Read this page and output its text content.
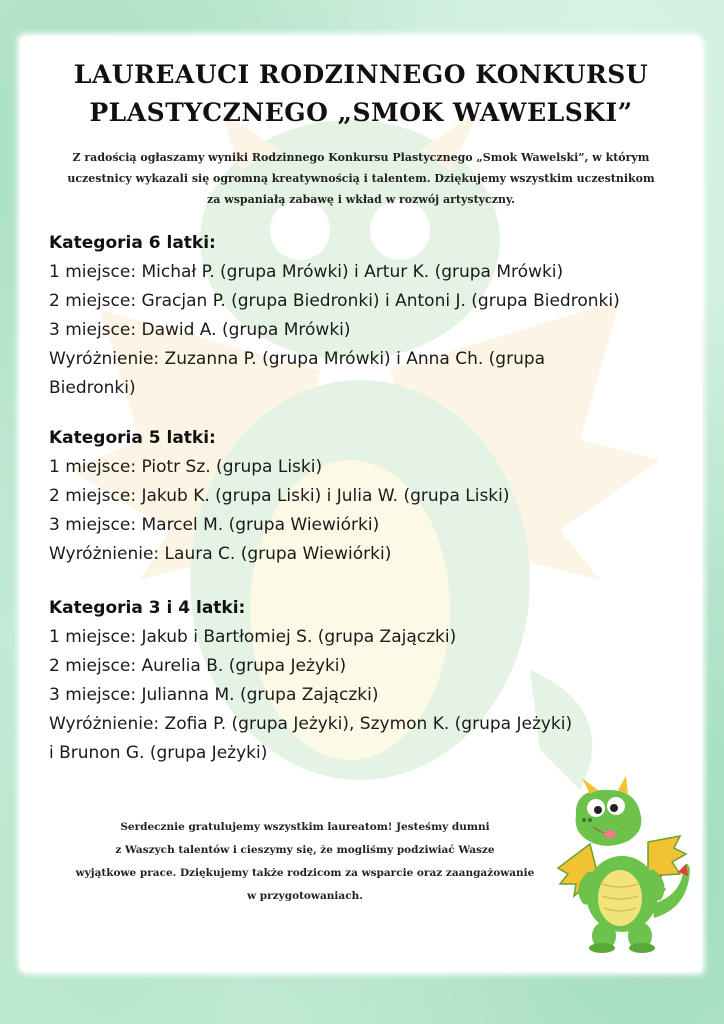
LAUREAUCI RODZINNEGO KONKURSU
PLASTYCZNEGO „SMOK WAWELSKI”

Z radością ogłaszamy wyniki Rodzinnego Konkursu Plastycznego „Smok Wawelski”, w którym
uczestnicy wykazali się ogromną kreatywnością i talentem. Dziękujemy wszystkim uczestnikom
za wspaniałą zabawę i wkład w rozwój artystyczny.

Kategoria 6 latki:
1 miejsce: Michał P. (grupa Mrówki) i Artur K. (grupa Mrówki)
2 miejsce: Gracjan P. (grupa Biedronki) i Antoni J. (grupa Biedronki)
3 miejsce: Dawid A. (grupa Mrówki)
Wyróżnienie: Zuzanna P. (grupa Mrówki) i Anna Ch. (grupa
Biedronki)
Kategoria 5 latki:
1 miejsce: Piotr Sz. (grupa Liski)
2 miejsce: Jakub K. (grupa Liski) i Julia W. (grupa Liski)
3 miejsce: Marcel M. (grupa Wiewiórki)
Wyróżnienie: Laura C. (grupa Wiewiórki)
Kategoria 3 i 4 latki:
1 miejsce: Jakub i Bartłomiej S. (grupa Zajączki)
2 miejsce: Aurelia B. (grupa Jeżyki)
3 miejsce: Julianna M. (grupa Zajączki)
Wyróżnienie: Zofia P. (grupa Jeżyki), Szymon K. (grupa Jeżyki)
i Brunon G. (grupa Jeżyki)

Serdecznie gratulujemy wszystkim laureatom! Jesteśmy dumni
z Waszych talentów i cieszymy się, że mogliśmy podziwiać Wasze
wyjątkowe prace. Dziękujemy także rodzicom za wsparcie oraz zaangażowanie
w przygotowaniach.
